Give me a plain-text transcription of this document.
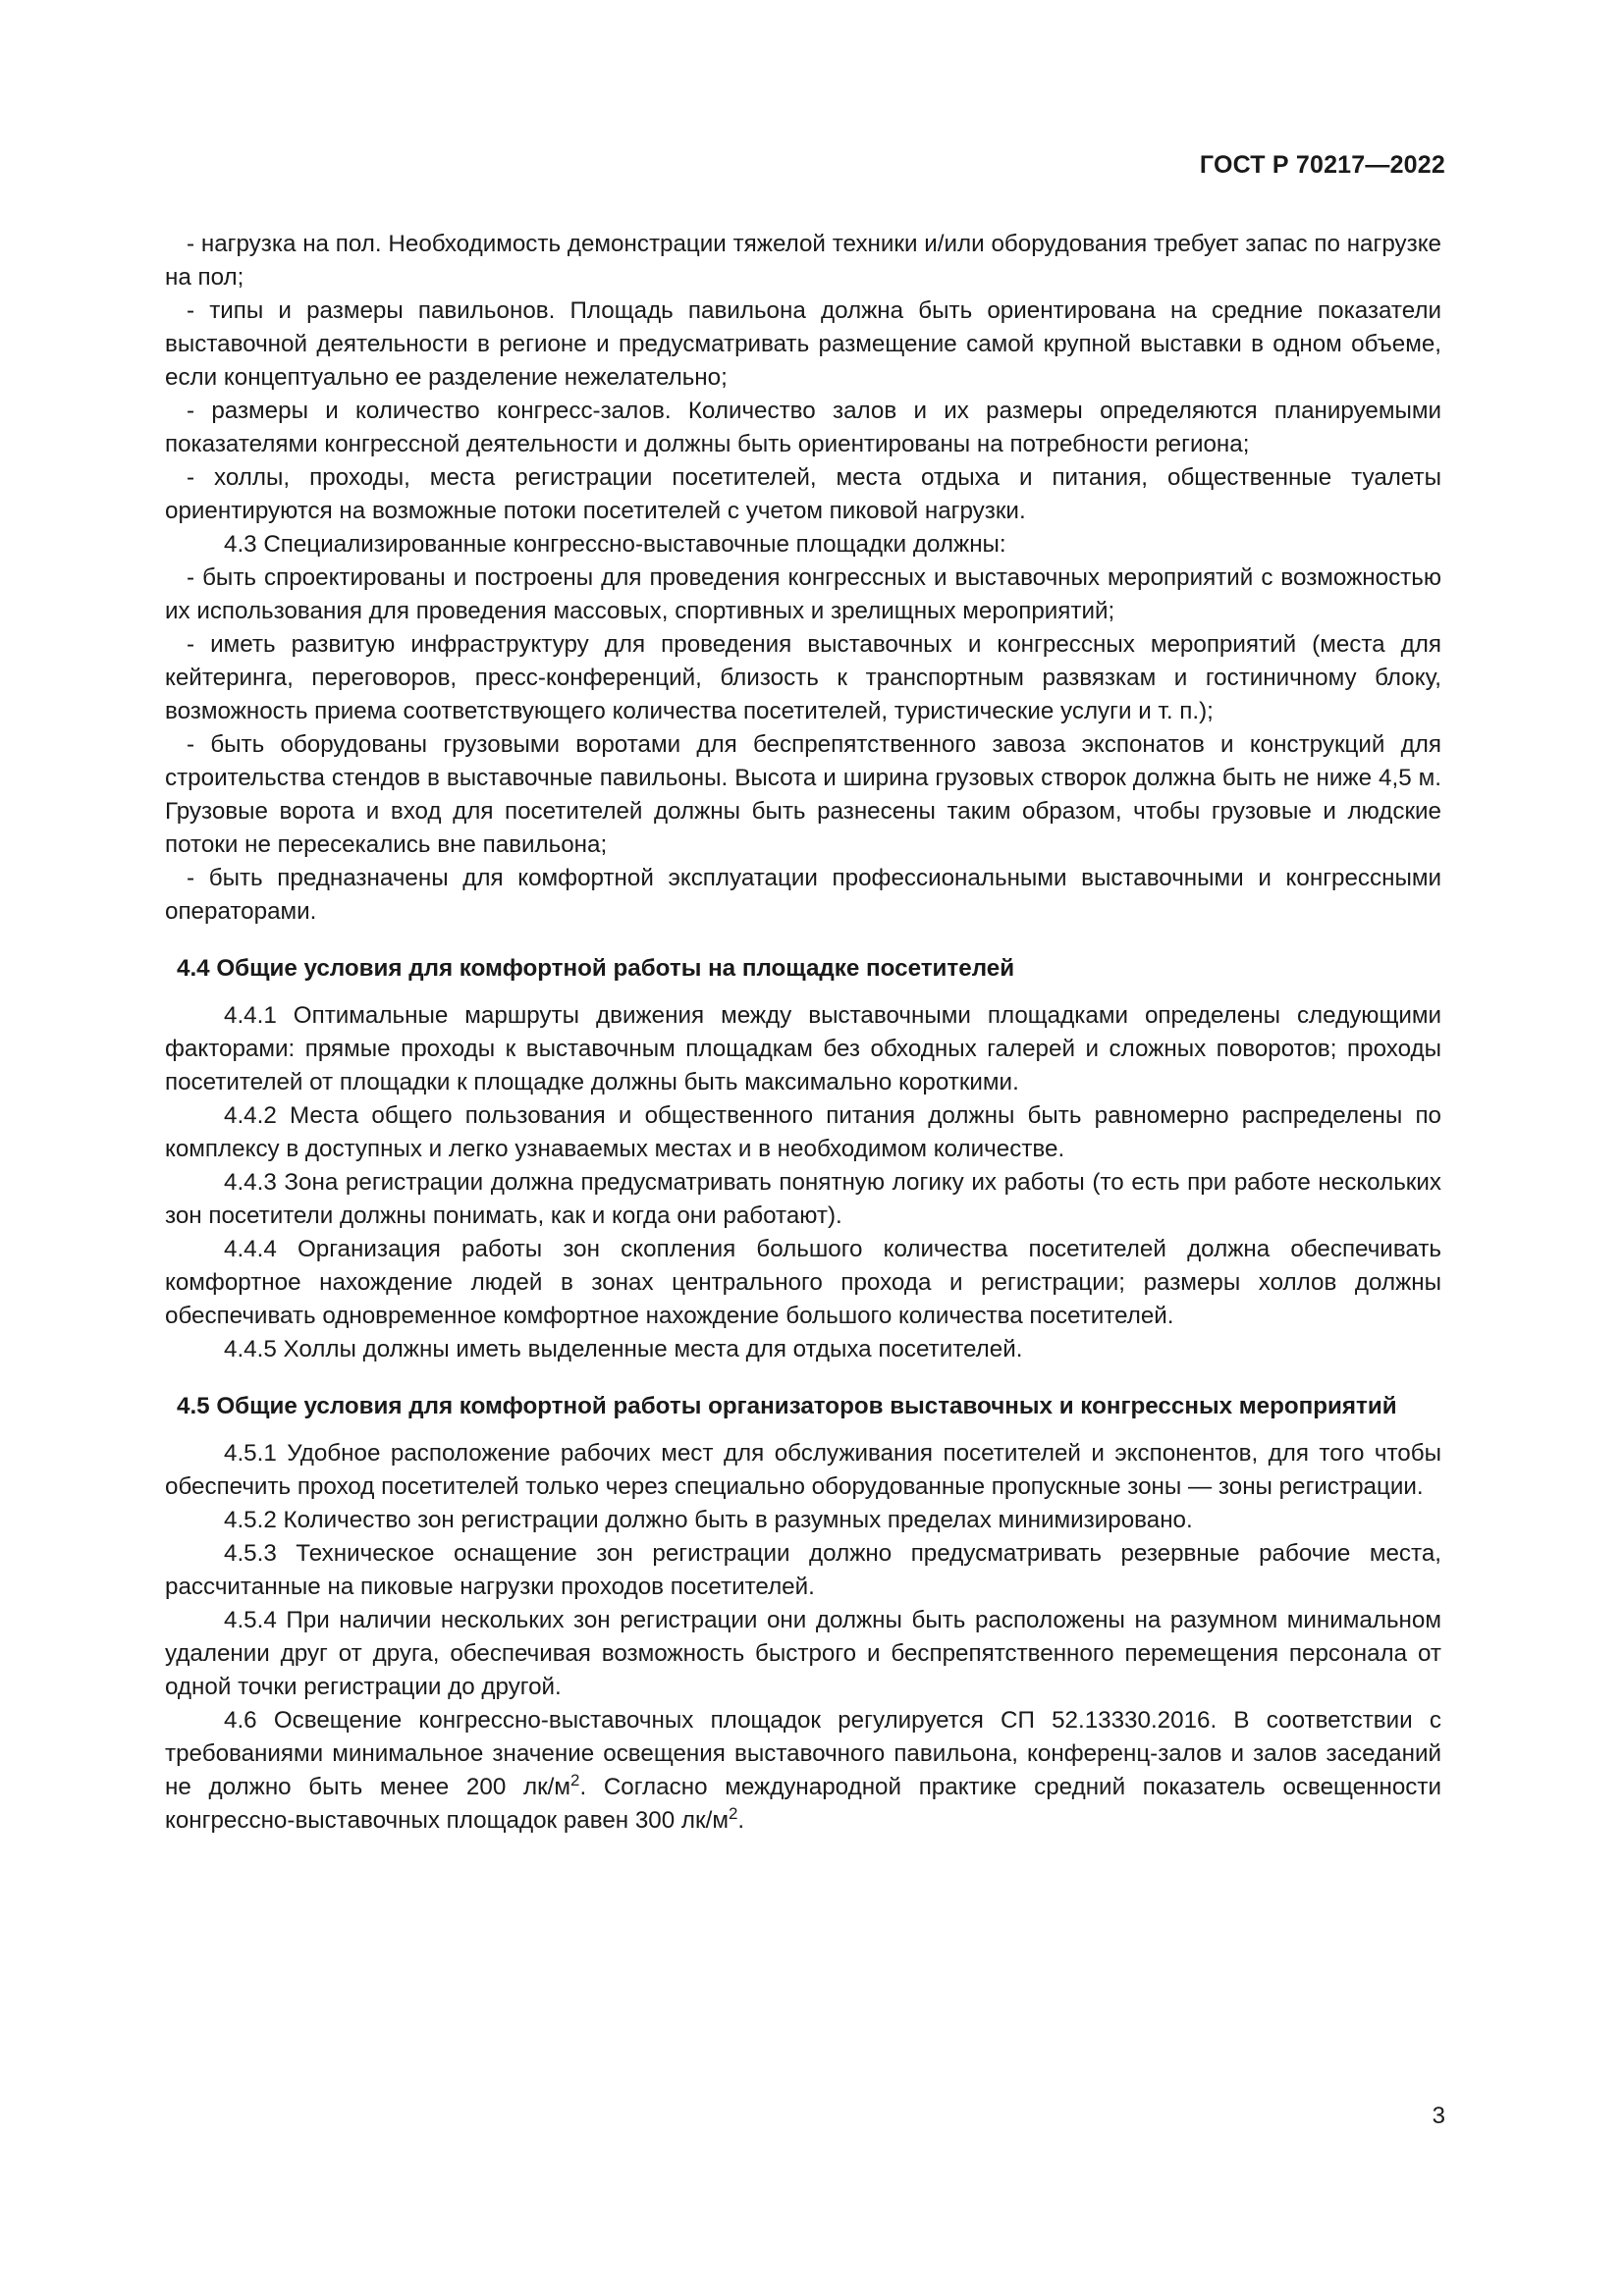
ГОСТ Р 70217—2022

- нагрузка на пол. Необходимость демонстрации тяжелой техники и/или оборудования требует запас по нагрузке на пол;

- типы и размеры павильонов. Площадь павильона должна быть ориентирована на средние показатели выставочной деятельности в регионе и предусматривать размещение самой крупной выставки в одном объеме, если концептуально ее разделение нежелательно;

- размеры и количество конгресс-залов. Количество залов и их размеры определяются планируемыми показателями конгрессной деятельности и должны быть ориентированы на потребности региона;

- холлы, проходы, места регистрации посетителей, места отдыха и питания, общественные туалеты ориентируются на возможные потоки посетителей с учетом пиковой нагрузки.

4.3 Специализированные конгрессно-выставочные площадки должны:

- быть спроектированы и построены для проведения конгрессных и выставочных мероприятий с возможностью их использования для проведения массовых, спортивных и зрелищных мероприятий;

- иметь развитую инфраструктуру для проведения выставочных и конгрессных мероприятий (места для кейтеринга, переговоров, пресс-конференций, близость к транспортным развязкам и гостиничному блоку, возможность приема соответствующего количества посетителей, туристические услуги и т. п.);

- быть оборудованы грузовыми воротами для беспрепятственного завоза экспонатов и конструкций для строительства стендов в выставочные павильоны. Высота и ширина грузовых створок должна быть не ниже 4,5 м. Грузовые ворота и вход для посетителей должны быть разнесены таким образом, чтобы грузовые и людские потоки не пересекались вне павильона;

- быть предназначены для комфортной эксплуатации профессиональными выставочными и конгрессными операторами.

4.4 Общие условия для комфортной работы на площадке посетителей

4.4.1 Оптимальные маршруты движения между выставочными площадками определены следующими факторами: прямые проходы к выставочным площадкам без обходных галерей и сложных поворотов; проходы посетителей от площадки к площадке должны быть максимально короткими.

4.4.2 Места общего пользования и общественного питания должны быть равномерно распределены по комплексу в доступных и легко узнаваемых местах и в необходимом количестве.

4.4.3 Зона регистрации должна предусматривать понятную логику их работы (то есть при работе нескольких зон посетители должны понимать, как и когда они работают).

4.4.4 Организация работы зон скопления большого количества посетителей должна обеспечивать комфортное нахождение людей в зонах центрального прохода и регистрации; размеры холлов должны обеспечивать одновременное комфортное нахождение большого количества посетителей.

4.4.5 Холлы должны иметь выделенные места для отдыха посетителей.

4.5 Общие условия для комфортной работы организаторов выставочных и конгрессных мероприятий

4.5.1 Удобное расположение рабочих мест для обслуживания посетителей и экспонентов, для того чтобы обеспечить проход посетителей только через специально оборудованные пропускные зоны — зоны регистрации.

4.5.2 Количество зон регистрации должно быть в разумных пределах минимизировано.

4.5.3 Техническое оснащение зон регистрации должно предусматривать резервные рабочие места, рассчитанные на пиковые нагрузки проходов посетителей.

4.5.4 При наличии нескольких зон регистрации они должны быть расположены на разумном минимальном удалении друг от друга, обеспечивая возможность быстрого и беспрепятственного перемещения персонала от одной точки регистрации до другой.

4.6 Освещение конгрессно-выставочных площадок регулируется СП 52.13330.2016. В соответствии с требованиями минимальное значение освещения выставочного павильона, конференц-залов и залов заседаний не должно быть менее 200 $лк/м^2$. Согласно международной практике средний показатель освещенности конгрессно-выставочных площадок равен 300 $лк/м^2$.

3
